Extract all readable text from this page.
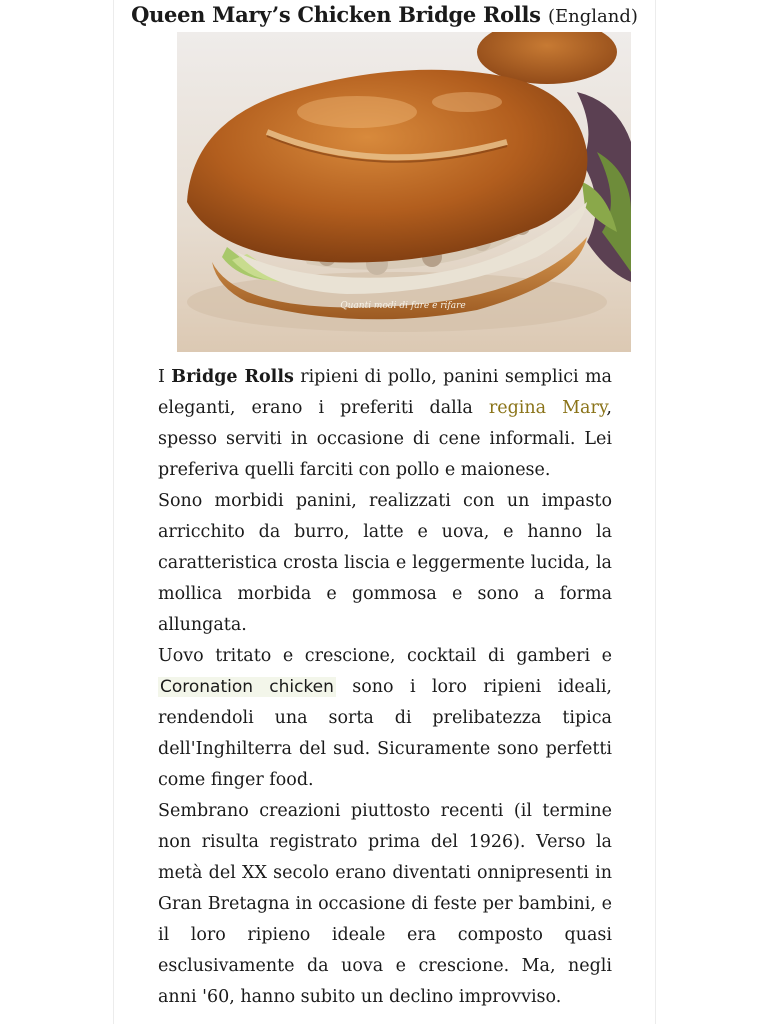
Queen Mary’s Chicken Bridge Rolls (England)
Quanti modi di fare e rifare

I Bridge Rolls ripieni di pollo, panini semplici ma eleganti, erano i preferiti dalla regina Mary, spesso serviti in occasione di cene informali. Lei preferiva quelli farciti con pollo e maionese.

Sono morbidi panini, realizzati con un impasto arricchito da burro, latte e uova, e hanno la caratteristica crosta liscia e leggermente lucida, la mollica morbida e gommosa e sono a forma allungata.

Uovo tritato e crescione, cocktail di gamberi e Coronation chicken sono i loro ripieni ideali, rendendoli una sorta di prelibatezza tipica dell'Inghilterra del sud. Sicuramente sono perfetti come finger food.

Sembrano creazioni piuttosto recenti (il termine non risulta registrato prima del 1926). Verso la metà del XX secolo erano diventati onnipresenti in Gran Bretagna in occasione di feste per bambini, e il loro ripieno ideale era composto quasi esclusivamente da uova e crescione. Ma, negli anni '60, hanno subito un declino improvviso.
